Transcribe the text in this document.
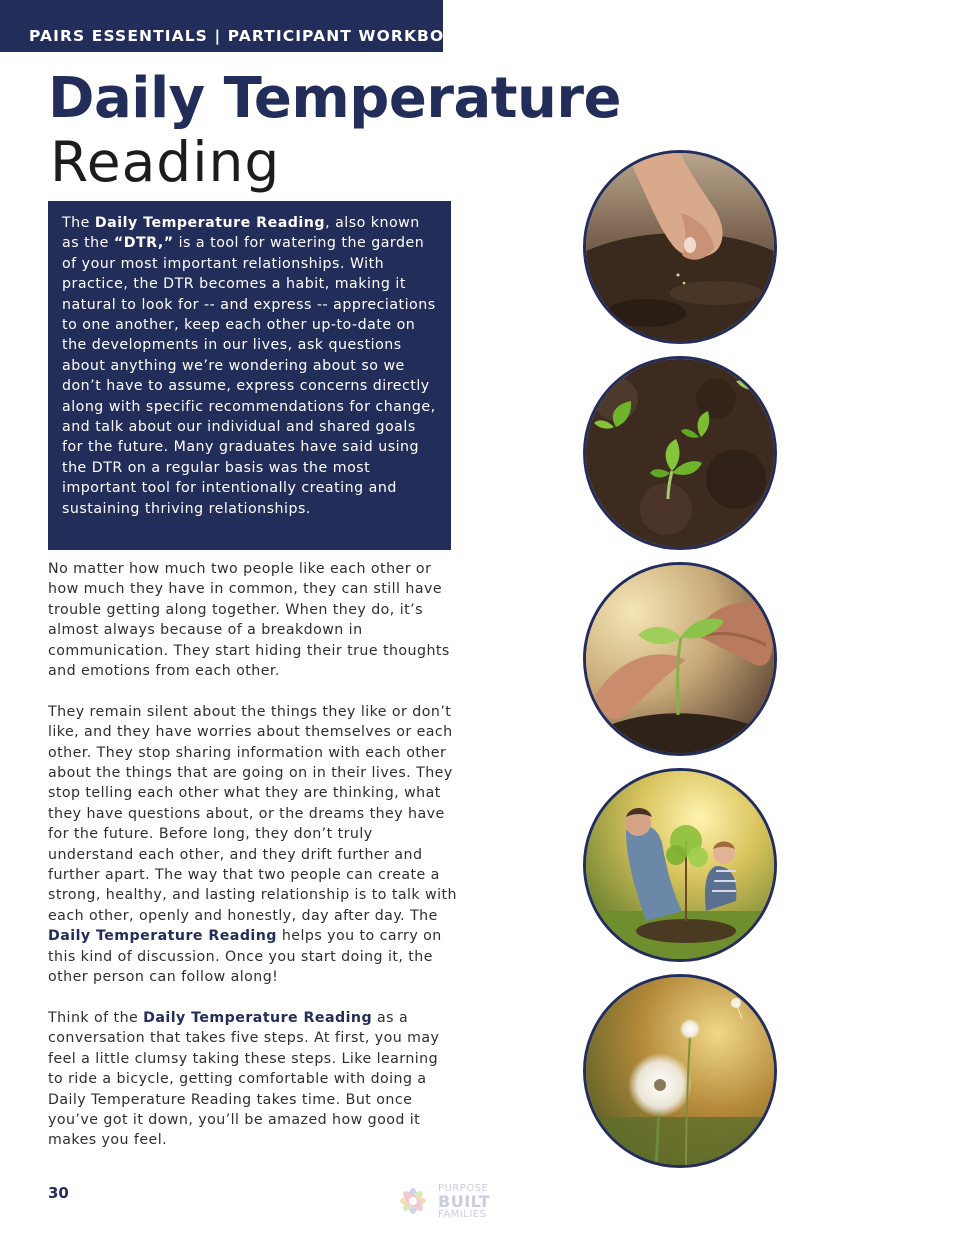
PAIRS ESSENTIALS | PARTICIPANT WORKBOOK
Daily Temperature
Reading

The Daily Temperature Reading, also known as the “DTR,” is a tool for watering the garden of your most important relationships. With practice, the DTR becomes a habit, making it natural to look for -- and express -- appreciations to one another, keep each other up-to-date on the developments in our lives, ask questions about anything we’re wondering about so we don’t have to assume, express concerns directly along with specific recommendations for change, and talk about our individual and shared goals for the future. Many graduates have said using the DTR on a regular basis was the most important tool for intentionally creating and sustaining thriving relationships.

No matter how much two people like each other or how much they have in common, they can still have trouble getting along together. When they do, it’s almost always because of a breakdown in communication. They start hiding their true thoughts and emotions from each other.

They remain silent about the things they like or don’t like, and they have worries about themselves or each other. They stop sharing information with each other about the things that are going on in their lives. They stop telling each other what they are thinking, what they have questions about, or the dreams they have for the future. Before long, they don’t truly understand each other, and they drift further and further apart. The way that two people can create a strong, healthy, and lasting relationship is to talk with each other, openly and honestly, day after day. The Daily Temperature Reading helps you to carry on this kind of discussion. Once you start doing it, the other person can follow along!

Think of the Daily Temperature Reading as a conversation that takes five steps. At first, you may feel a little clumsy taking these steps. Like learning to ride a bicycle, getting comfortable with doing a Daily Temperature Reading takes time. But once you’ve got it down, you’ll be amazed how good it makes you feel.

30	PURPOSE
BUILT
FAMILIES
